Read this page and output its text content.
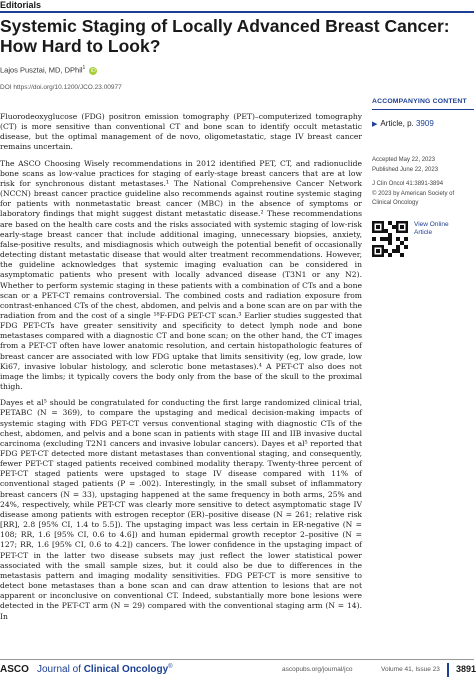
Editorials
Systemic Staging of Locally Advanced Breast Cancer: How Hard to Look?
Lajos Pusztai, MD, DPhil$^1$ iD
DOI https://doi.org/10.1200/JCO.23.00977

Fluorodeoxyglucose (FDG) positron emission tomography (PET)–computerized tomography (CT) is more sensitive than conventional CT and bone scan to identify occult metastatic disease, but the optimal management of de novo, oligometastatic, stage IV breast cancer remains uncertain.

The ASCO Choosing Wisely recommendations in 2012 identified PET, CT, and radionuclide bone scans as low-value practices for staging of early-stage breast cancers that are at low risk for synchronous distant metastases.¹ The National Comprehensive Cancer Network (NCCN) breast cancer practice guideline also recommends against routine systemic staging for patients with nonmetastatic breast cancer (MBC) in the absence of symptoms or laboratory findings that might suggest distant metastatic disease.² These recommendations are based on the health care costs and the risks associated with systemic staging of low-risk early-stage breast cancer that include additional imaging, unnecessary biopsies, anxiety, false-positive results, and misdiagnosis which outweigh the potential benefit of occasionally detecting distant metastatic disease that would alter treatment recommendations. However, the guideline acknowledges that systemic imaging evaluation can be considered in asymptomatic patients who present with locally advanced disease (T3N1 or any N2). Whether to perform systemic staging in these patients with a combination of CTs and a bone scan or a PET-CT remains controversial. The combined costs and radiation exposure from contrast-enhanced CTs of the chest, abdomen, and pelvis and a bone scan are on par with the radiation from and the cost of a single ¹⁸F-FDG PET-CT scan.³ Earlier studies suggested that FDG PET-CTs have greater sensitivity and specificity to detect lymph node and bone metastases compared with a diagnostic CT and bone scan; on the other hand, the CT images from a PET-CT often have lower anatomic resolution, and certain histopathologic features of breast cancer are associated with low FDG uptake that limits sensitivity (eg, low grade, low Ki67, invasive lobular histology, and sclerotic bone metastases).⁴ A PET-CT also does not image the limbs; it typically covers the body only from the base of the skull to the proximal thigh.

Dayes et al⁵ should be congratulated for conducting the first large randomized clinical trial, PETABC (N = 369), to compare the upstaging and medical decision-making impacts of systemic staging with FDG PET-CT versus conventional staging with diagnostic CTs of the chest, abdomen, and pelvis and a bone scan in patients with stage III and IIB invasive ductal carcinoma (excluding T2N1 cancers and invasive lobular cancers). Dayes et al⁵ reported that FDG PET-CT detected more distant metastases than conventional staging, and consequently, fewer PET-CT staged patients received combined modality therapy. Twenty-three percent of PET-CT staged patients were upstaged to stage IV disease compared with 11% of conventional staged patients (P = .002). Interestingly, in the small subset of inflammatory breast cancers (N = 33), upstaging happened at the same frequency in both arms, 25% and 24%, respectively, while PET-CT was clearly more sensitive to detect asymptomatic stage IV disease among patients with estrogen receptor (ER)–positive disease (N = 261; relative risk [RR], 2.8 [95% CI, 1.4 to 5.5]). The upstaging impact was less certain in ER-negative (N = 108; RR, 1.6 [95% CI, 0.6 to 4.6]) and human epidermal growth receptor 2–positive (N = 127; RR, 1.6 [95% CI, 0.6 to 4.2]) cancers. The lower confidence in the upstaging impact of PET-CT in the latter two disease subsets may just reflect the lower statistical power associated with the small sample sizes, but it could also be due to differences in the metastasis pattern and imaging modality sensitivities. FDG PET-CT is more sensitive to detect bone metastases than a bone scan and can draw attention to lesions that are not apparent or inconclusive on conventional CT. Indeed, substantially more bone lesions were detected in the PET-CT arm (N = 29) compared with the conventional staging arm (N = 14). In

ACCOMPANYING CONTENT
▶ Article, p. 3909
Accepted May 22, 2023
Published June 22, 2023
J Clin Oncol 41:3891-3894
© 2023 by American Society of
Clinical Oncology
View Online
Article
ASCO Journal of Clinical Oncology®	ascopubs.org/journal/jco	Volume 41, Issue 23 3891
